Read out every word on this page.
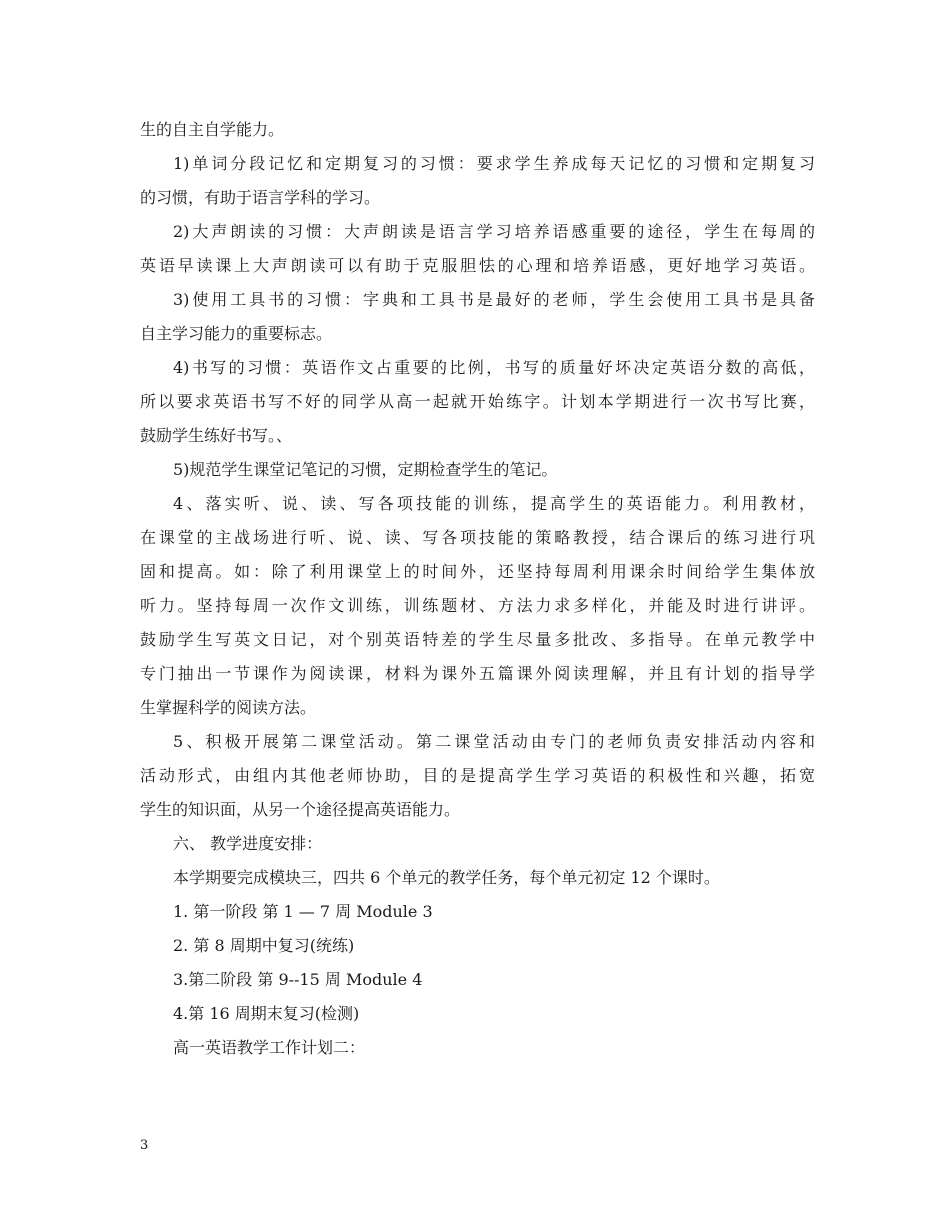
生的自主自学能力。
1)单词分段记忆和定期复习的习惯：要求学生养成每天记忆的习惯和定期复习
的习惯，有助于语言学科的学习。
2)大声朗读的习惯：大声朗读是语言学习培养语感重要的途径，学生在每周的
英语早读课上大声朗读可以有助于克服胆怯的心理和培养语感，更好地学习英语。
3)使用工具书的习惯：字典和工具书是最好的老师，学生会使用工具书是具备
自主学习能力的重要标志。
4)书写的习惯：英语作文占重要的比例，书写的质量好坏决定英语分数的高低，
所以要求英语书写不好的同学从高一起就开始练字。计划本学期进行一次书写比赛，
鼓励学生练好书写。、
5)规范学生课堂记笔记的习惯，定期检查学生的笔记。
4、落实听、说、读、写各项技能的训练，提高学生的英语能力。利用教材，
在课堂的主战场进行听、说、读、写各项技能的策略教授，结合课后的练习进行巩
固和提高。如：除了利用课堂上的时间外，还坚持每周利用课余时间给学生集体放
听力。坚持每周一次作文训练，训练题材、方法力求多样化，并能及时进行讲评。
鼓励学生写英文日记，对个别英语特差的学生尽量多批改、多指导。在单元教学中
专门抽出一节课作为阅读课，材料为课外五篇课外阅读理解，并且有计划的指导学
生掌握科学的阅读方法。
5、积极开展第二课堂活动。第二课堂活动由专门的老师负责安排活动内容和
活动形式，由组内其他老师协助，目的是提高学生学习英语的积极性和兴趣，拓宽
学生的知识面，从另一个途径提高英语能力。
六、 教学进度安排：
本学期要完成模块三，四共 6 个单元的教学任务，每个单元初定 12 个课时。
1. 第一阶段 第 1 — 7 周 Module 3
2. 第 8 周期中复习(统练)
3.第二阶段 第 9--15 周 Module 4
4.第 16 周期末复习(检测)
高一英语教学工作计划二：
3
